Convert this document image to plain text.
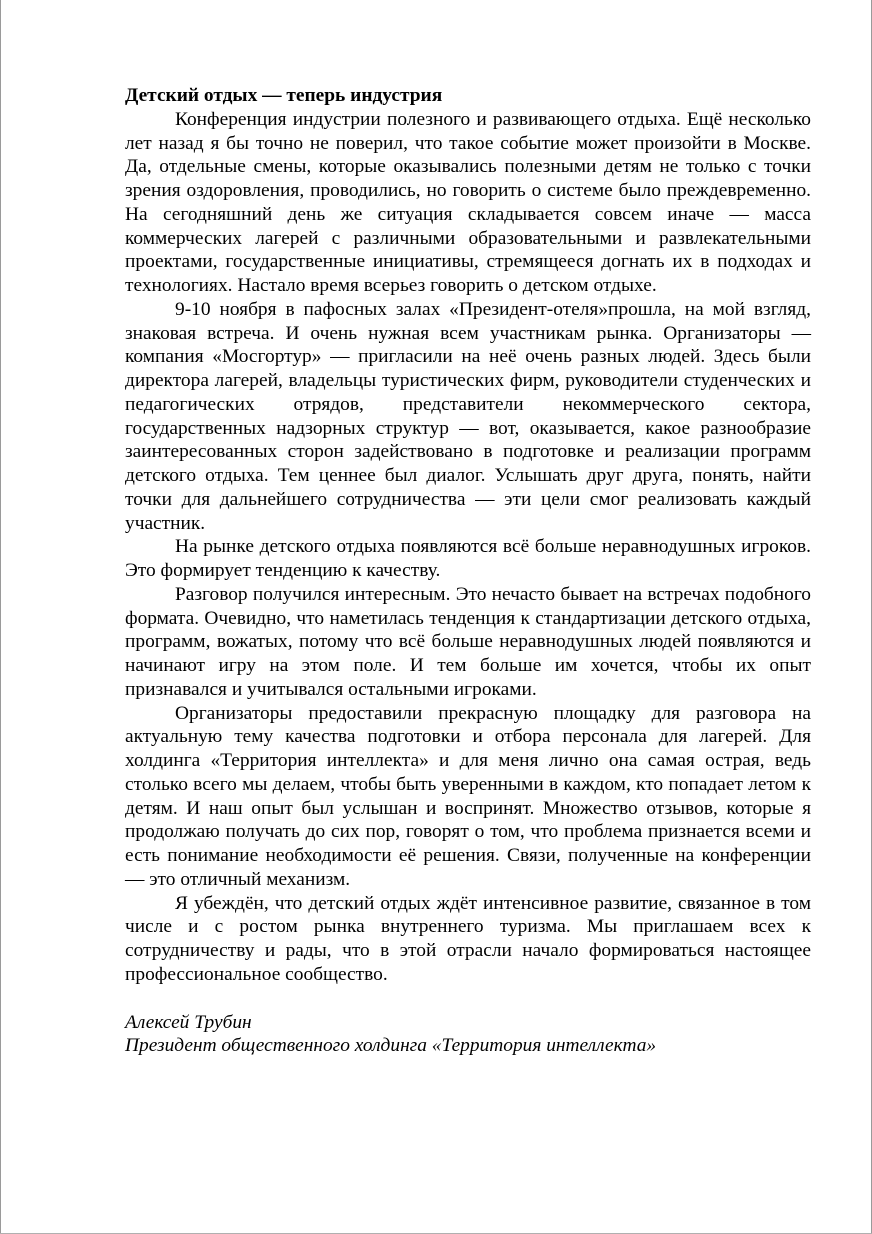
Детский отдых — теперь индустрия

Конференция индустрии полезного и развивающего отдыха. Ещё несколько лет назад я бы точно не поверил, что такое событие может произойти в Москве. Да, отдельные смены, которые оказывались полезными детям не только с точки зрения оздоровления, проводились, но говорить о системе было преждевременно. На сегодняшний день же ситуация складывается совсем иначе — масса коммерческих лагерей с различными образовательными и развлекательными проектами, государственные инициативы, стремящееся догнать их в подходах и технологиях. Настало время всерьез говорить о детском отдыхе.

9-10 ноября в пафосных залах «Президент-отеля»прошла, на мой взгляд, знаковая встреча. И очень нужная всем участникам рынка. Организаторы — компания «Мосгортур» — пригласили на неё очень разных людей. Здесь были директора лагерей, владельцы туристических фирм, руководители студенческих и педагогических отрядов, представители некоммерческого сектора, государственных надзорных структур — вот, оказывается, какое разнообразие заинтересованных сторон задействовано в подготовке и реализации программ детского отдыха. Тем ценнее был диалог. Услышать друг друга, понять, найти точки для дальнейшего сотрудничества — эти цели смог реализовать каждый участник.

На рынке детского отдыха появляются всё больше неравнодушных игроков. Это формирует тенденцию к качеству.

Разговор получился интересным. Это нечасто бывает на встречах подобного формата. Очевидно, что наметилась тенденция к стандартизации детского отдыха, программ, вожатых, потому что всё больше неравнодушных людей появляются и начинают игру на этом поле. И тем больше им хочется, чтобы их опыт признавался и учитывался остальными игроками.

Организаторы предоставили прекрасную площадку для разговора на актуальную тему качества подготовки и отбора персонала для лагерей. Для холдинга «Территория интеллекта» и для меня лично она самая острая, ведь столько всего мы делаем, чтобы быть уверенными в каждом, кто попадает летом к детям. И наш опыт был услышан и воспринят. Множество отзывов, которые я продолжаю получать до сих пор, говорят о том, что проблема признается всеми и есть понимание необходимости её решения. Связи, полученные на конференции — это отличный механизм.

Я убеждён, что детский отдых ждёт интенсивное развитие, связанное в том числе и с ростом рынка внутреннего туризма. Мы приглашаем всех к сотрудничеству и рады, что в этой отрасли начало формироваться настоящее профессиональное сообщество.

Алексей Трубин

Президент общественного холдинга «Территория интеллекта»
